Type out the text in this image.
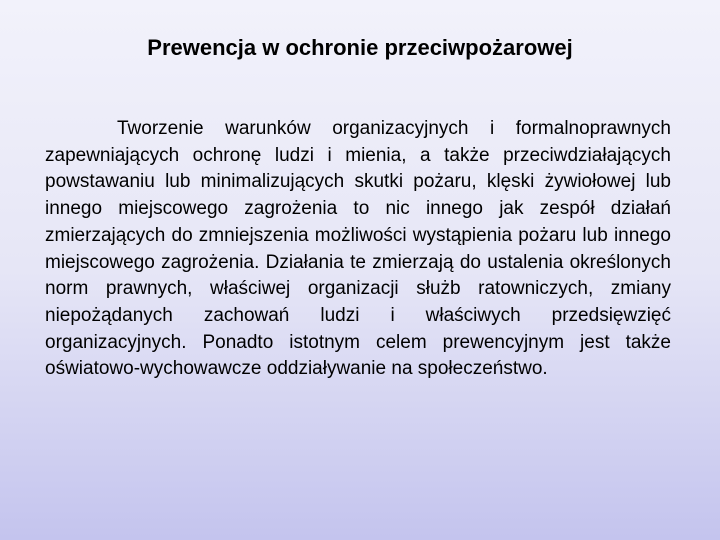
Prewencja w ochronie przeciwpożarowej

Tworzenie warunków organizacyjnych i formalnoprawnych zapewniających ochronę ludzi i mienia, a także przeciwdziałających powstawaniu lub minimalizujących skutki pożaru, klęski żywiołowej lub innego miejscowego zagrożenia to nic innego jak zespół działań zmierzających do zmniejszenia możliwości wystąpienia pożaru lub innego miejscowego zagrożenia. Działania te zmierzają do ustalenia określonych norm prawnych, właściwej organizacji służb ratowniczych, zmiany niepożądanych zachowań ludzi i właściwych przedsięwzięć organizacyjnych. Ponadto istotnym celem prewencyjnym jest także oświatowo-wychowawcze oddziaływanie na społeczeństwo.
